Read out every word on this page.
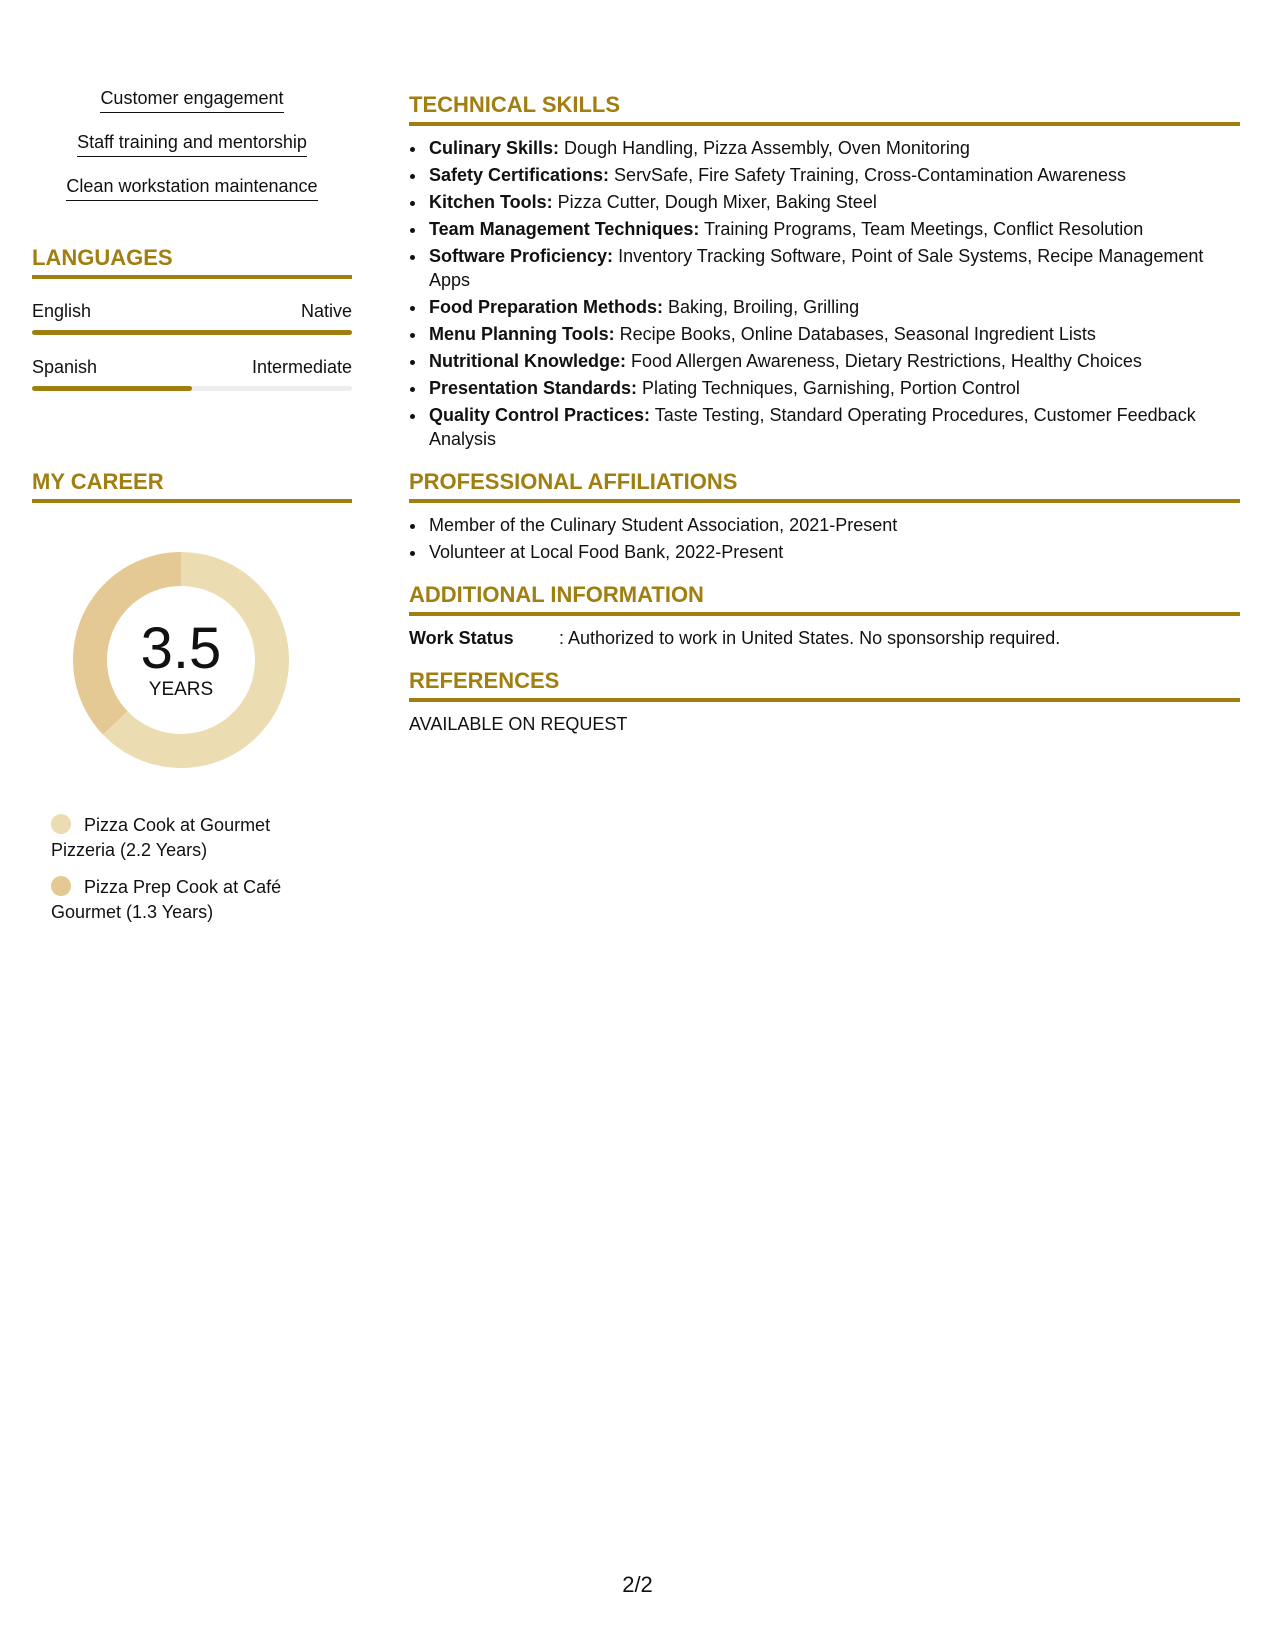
Customer engagement
Staff training and mentorship
Clean workstation maintenance
LANGUAGES
English	Native
Spanish	Intermediate
MY CAREER
3.5
YEARS
Pizza Cook at Gourmet Pizzeria (2.2 Years)
Pizza Prep Cook at Café Gourmet (1.3 Years)
TECHNICAL SKILLS
• Culinary Skills: Dough Handling, Pizza Assembly, Oven Monitoring
• Safety Certifications: ServSafe, Fire Safety Training, Cross-Contamination Awareness
• Kitchen Tools: Pizza Cutter, Dough Mixer, Baking Steel
• Team Management Techniques: Training Programs, Team Meetings, Conflict Resolution
• Software Proficiency: Inventory Tracking Software, Point of Sale Systems, Recipe Management Apps
• Food Preparation Methods: Baking, Broiling, Grilling
• Menu Planning Tools: Recipe Books, Online Databases, Seasonal Ingredient Lists
• Nutritional Knowledge: Food Allergen Awareness, Dietary Restrictions, Healthy Choices
• Presentation Standards: Plating Techniques, Garnishing, Portion Control
• Quality Control Practices: Taste Testing, Standard Operating Procedures, Customer Feedback Analysis
PROFESSIONAL AFFILIATIONS
• Member of the Culinary Student Association, 2021-Present
• Volunteer at Local Food Bank, 2022-Present
ADDITIONAL INFORMATION
Work Status	: Authorized to work in United States. No sponsorship required.
REFERENCES
AVAILABLE ON REQUEST
2/2
